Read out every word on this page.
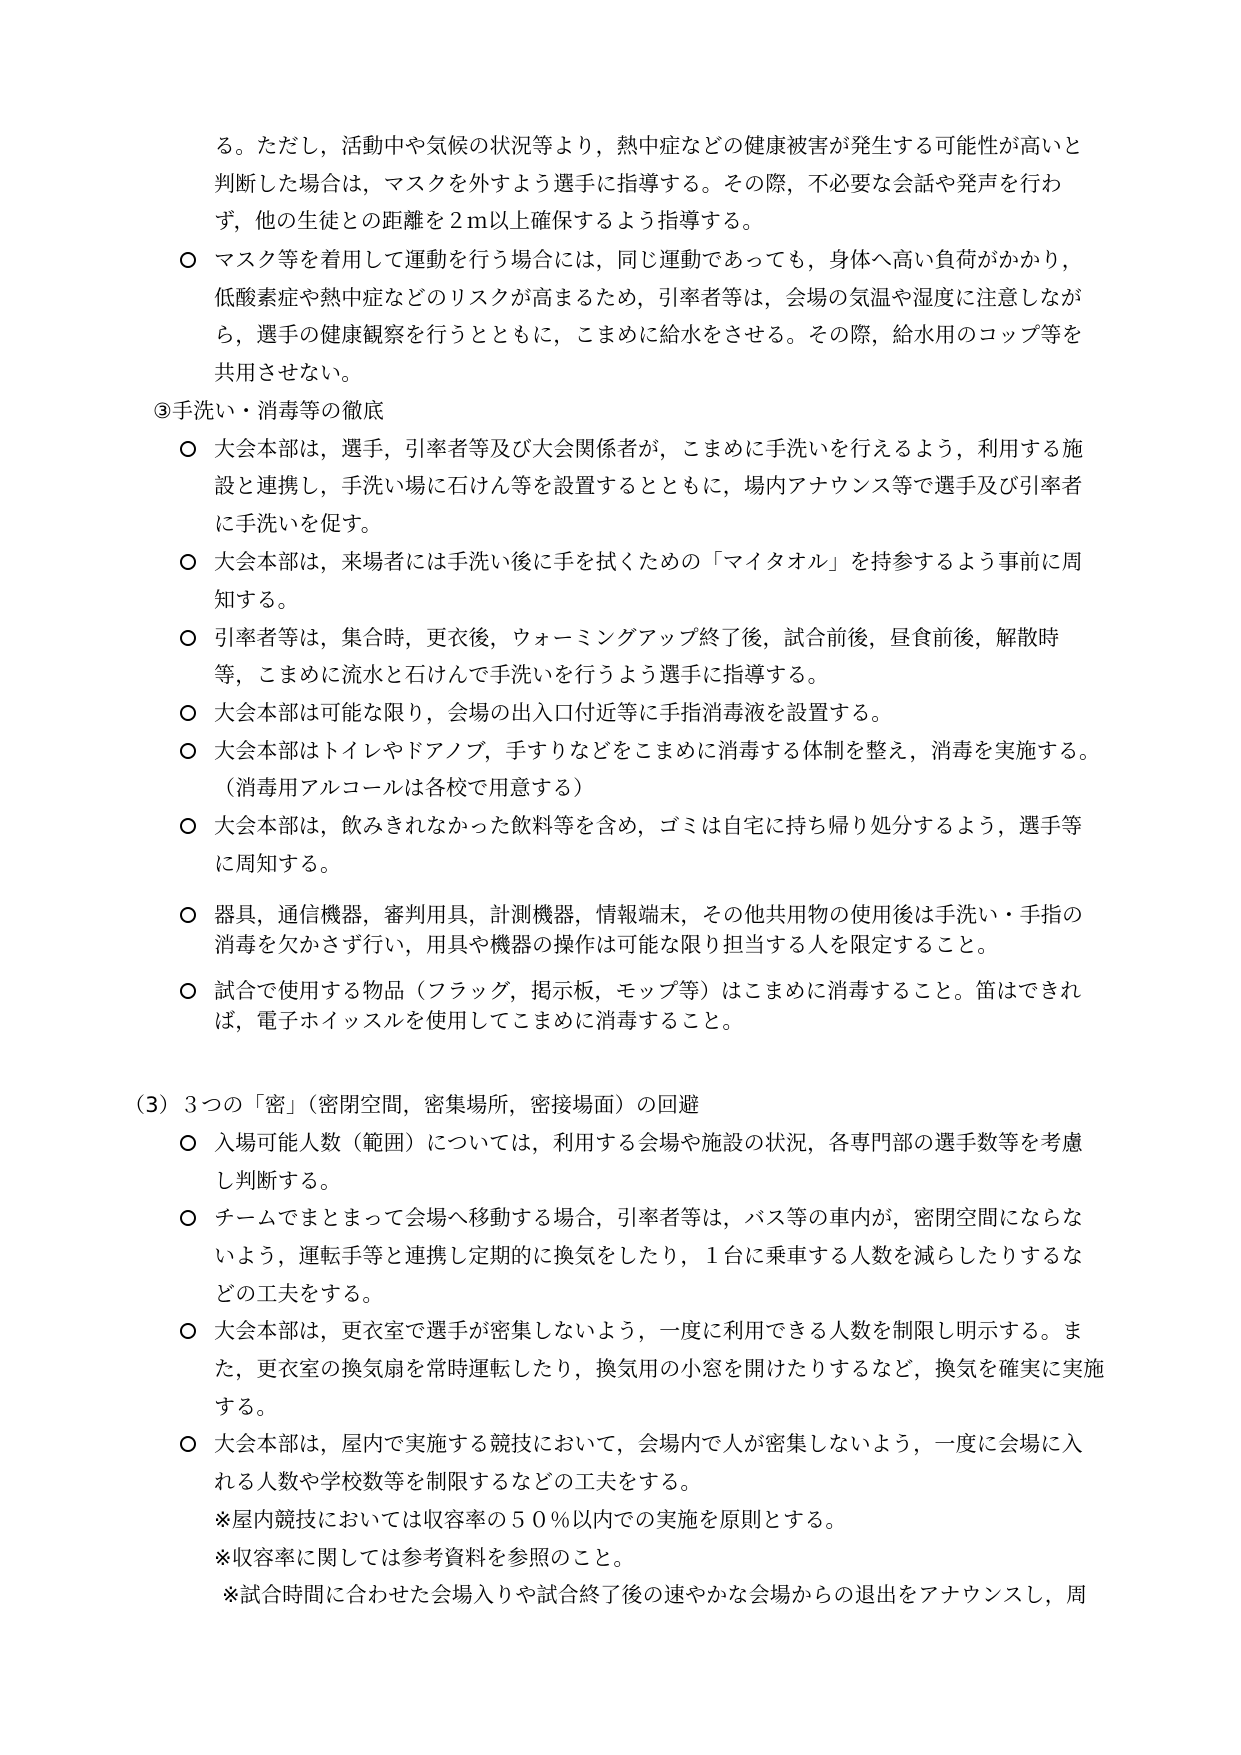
る。ただし，活動中や気候の状況等より，熱中症などの健康被害が発生する可能性が高いと
判断した場合は，マスクを外すよう選手に指導する。その際，不必要な会話や発声を行わ
ず，他の生徒との距離を２ｍ以上確保するよう指導する。
マスク等を着用して運動を行う場合には，同じ運動であっても，身体へ高い負荷がかかり，
低酸素症や熱中症などのリスクが高まるため，引率者等は，会場の気温や湿度に注意しなが
ら，選手の健康観察を行うとともに，こまめに給水をさせる。その際，給水用のコップ等を
共用させない。
③手洗い・消毒等の徹底
大会本部は，選手，引率者等及び大会関係者が，こまめに手洗いを行えるよう，利用する施
設と連携し，手洗い場に石けん等を設置するとともに，場内アナウンス等で選手及び引率者
に手洗いを促す。
大会本部は，来場者には手洗い後に手を拭くための「マイタオル」を持参するよう事前に周
知する。
引率者等は，集合時，更衣後，ウォーミングアップ終了後，試合前後，昼食前後，解散時
等，こまめに流水と石けんで手洗いを行うよう選手に指導する。
大会本部は可能な限り，会場の出入口付近等に手指消毒液を設置する。
大会本部はトイレやドアノブ，手すりなどをこまめに消毒する体制を整え，消毒を実施する。
（消毒用アルコールは各校で用意する）
大会本部は，飲みきれなかった飲料等を含め，ゴミは自宅に持ち帰り処分するよう，選手等
に周知する。
器具，通信機器，審判用具，計測機器，情報端末，その他共用物の使用後は手洗い・手指の
消毒を欠かさず行い，用具や機器の操作は可能な限り担当する人を限定すること。
試合で使用する物品（フラッグ，掲示板，モップ等）はこまめに消毒すること。笛はできれ
ば，電子ホイッスルを使用してこまめに消毒すること。
（3）３つの「密」（密閉空間，密集場所，密接場面）の回避
入場可能人数（範囲）については，利用する会場や施設の状況，各専門部の選手数等を考慮
し判断する。
チームでまとまって会場へ移動する場合，引率者等は，バス等の車内が，密閉空間にならな
いよう，運転手等と連携し定期的に換気をしたり，１台に乗車する人数を減らしたりするな
どの工夫をする。
大会本部は，更衣室で選手が密集しないよう，一度に利用できる人数を制限し明示する。ま
た，更衣室の換気扇を常時運転したり，換気用の小窓を開けたりするなど，換気を確実に実施
する。
大会本部は，屋内で実施する競技において，会場内で人が密集しないよう，一度に会場に入
れる人数や学校数等を制限するなどの工夫をする。
※屋内競技においては収容率の５０％以内での実施を原則とする。
※収容率に関しては参考資料を参照のこと。
※試合時間に合わせた会場入りや試合終了後の速やかな会場からの退出をアナウンスし，周
